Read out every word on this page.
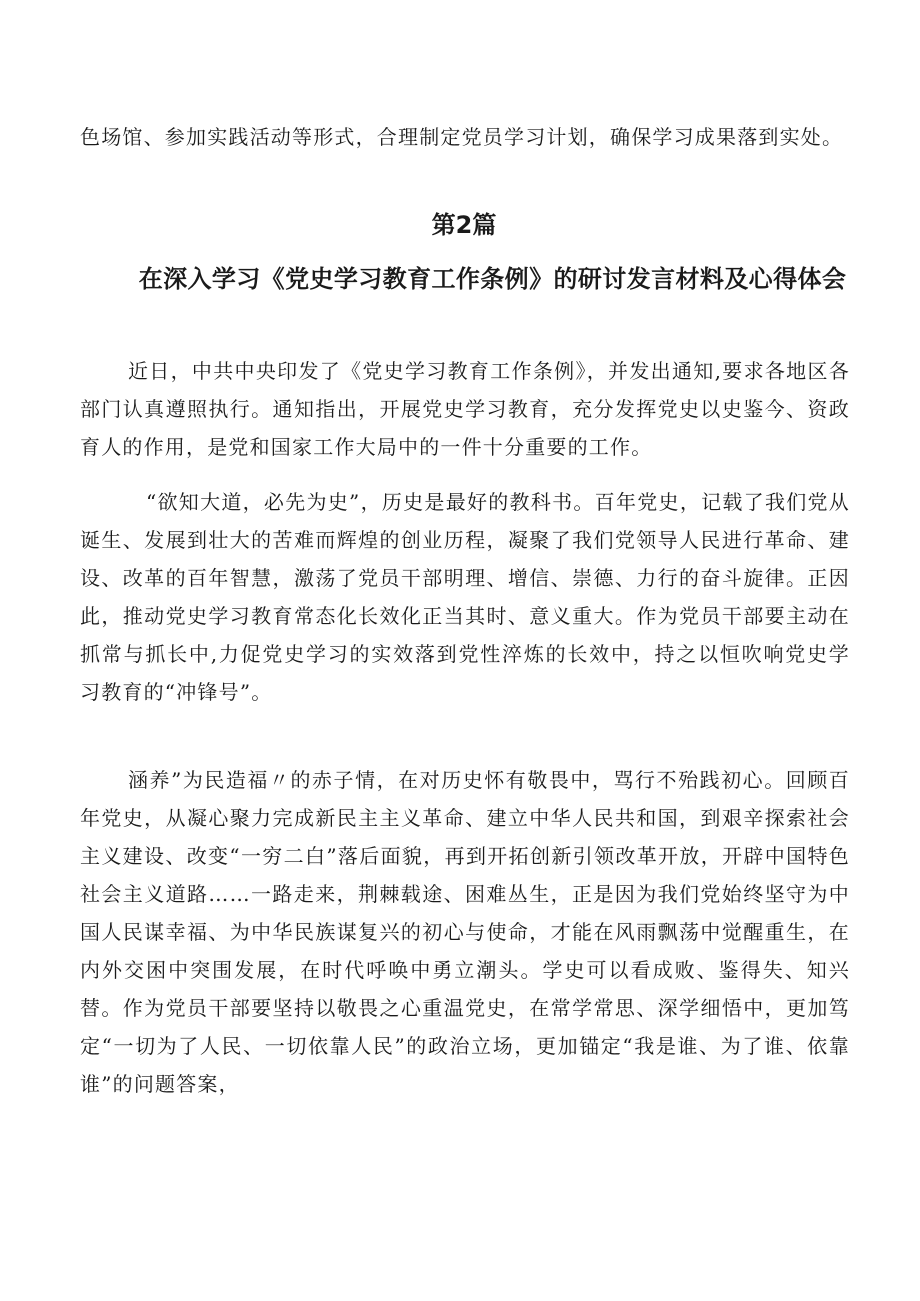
色场馆、参加实践活动等形式，合理制定党员学习计划，确保学习成果落到实处。

第2篇
在深入学习《党史学习教育工作条例》的研讨发言材料及心得体会

近日，中共中央印发了《党史学习教育工作条例》，并发出通知,要求各地区各部门认真遵照执行。通知指出，开展党史学习教育，充分发挥党史以史鉴今、资政育人的作用，是党和国家工作大局中的一件十分重要的工作。

“欲知大道，必先为史”，历史是最好的教科书。百年党史，记载了我们党从诞生、发展到壮大的苦难而辉煌的创业历程，凝聚了我们党领导人民进行革命、建设、改革的百年智慧，激荡了党员干部明理、增信、崇德、力行的奋斗旋律。正因此，推动党史学习教育常态化长效化正当其时、意义重大。作为党员干部要主动在抓常与抓长中,力促党史学习的实效落到党性淬炼的长效中，持之以恒吹响党史学习教育的“冲锋号”。

涵养”为民造福〃的赤子情，在对历史怀有敬畏中，骂行不殆践初心。回顾百年党史，从凝心聚力完成新民主主义革命、建立中华人民共和国，到艰辛探索社会主义建设、改变“一穷二白”落后面貌，再到开拓创新引领改革开放，开辟中国特色社会主义道路……一路走来，荆棘载途、困难丛生，正是因为我们党始终坚守为中国人民谋幸福、为中华民族谋复兴的初心与使命，才能在风雨飘荡中觉醒重生，在内外交困中突围发展，在时代呼唤中勇立潮头。学史可以看成败、鉴得失、知兴替。作为党员干部要坚持以敬畏之心重温党史，在常学常思、深学细悟中，更加笃定“一切为了人民、一切依靠人民”的政治立场，更加锚定“我是谁、为了谁、依靠谁”的问题答案，
